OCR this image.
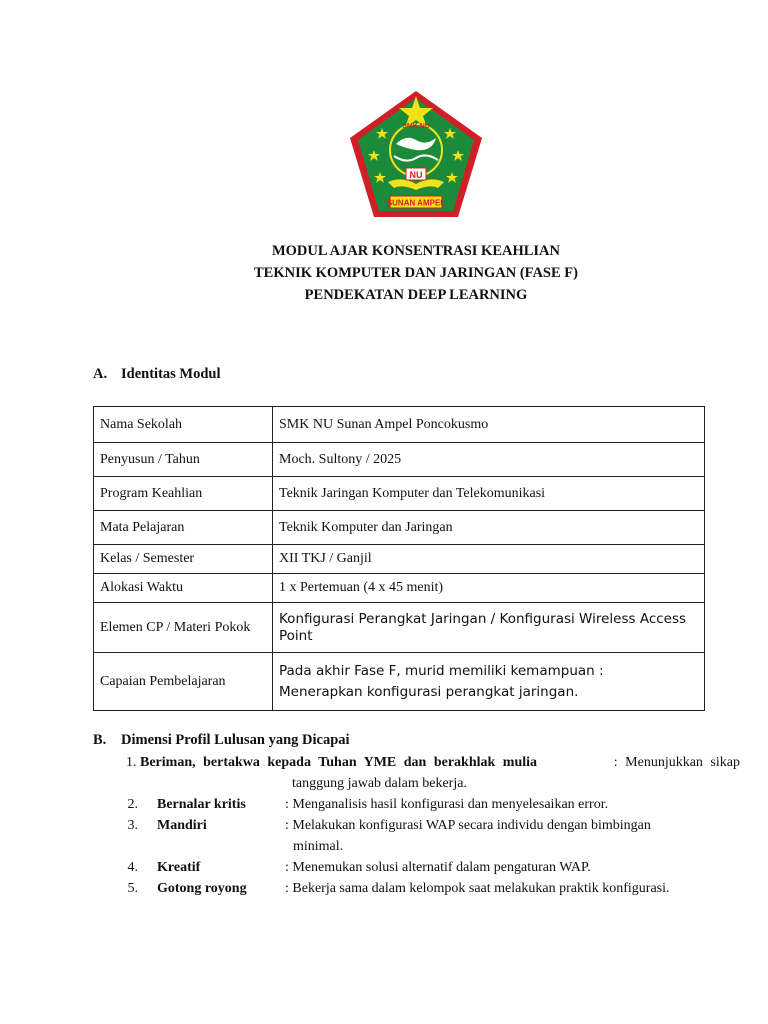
NU
SUNAN AMPEL
SMK NU
MODUL AJAR KONSENTRASI KEAHLIAN
TEKNIK KOMPUTER DAN JARINGAN (FASE F)
PENDEKATAN DEEP LEARNING
A. Identitas Modul
Nama Sekolah	SMK NU Sunan Ampel Poncokusmo
Penyusun / Tahun	Moch. Sultony / 2025
Program Keahlian	Teknik Jaringan Komputer dan Telekomunikasi
Mata Pelajaran	Teknik Komputer dan Jaringan
Kelas / Semester	XII TKJ / Ganjil
Alokasi Waktu	1 x Pertemuan (4 x 45 menit)
Elemen CP / Materi Pokok	Konfigurasi Perangkat Jaringan / Konfigurasi Wireless Access Point
Capaian Pembelajaran	Pada akhir Fase F, murid memiliki kemampuan :
Menerapkan konfigurasi perangkat jaringan.
B. Dimensi Profil Lulusan yang Dicapai
1. Beriman, bertakwa kepada Tuhan YME dan berakhlak mulia	: Menunjukkan sikap
tanggung jawab dalam bekerja.
2. Bernalar kritis	: Menganalisis hasil konfigurasi dan menyelesaikan error.
3. Mandiri	: Melakukan konfigurasi WAP secara individu dengan bimbingan
minimal.
4. Kreatif	: Menemukan solusi alternatif dalam pengaturan WAP.
5. Gotong royong	: Bekerja sama dalam kelompok saat melakukan praktik konfigurasi.
